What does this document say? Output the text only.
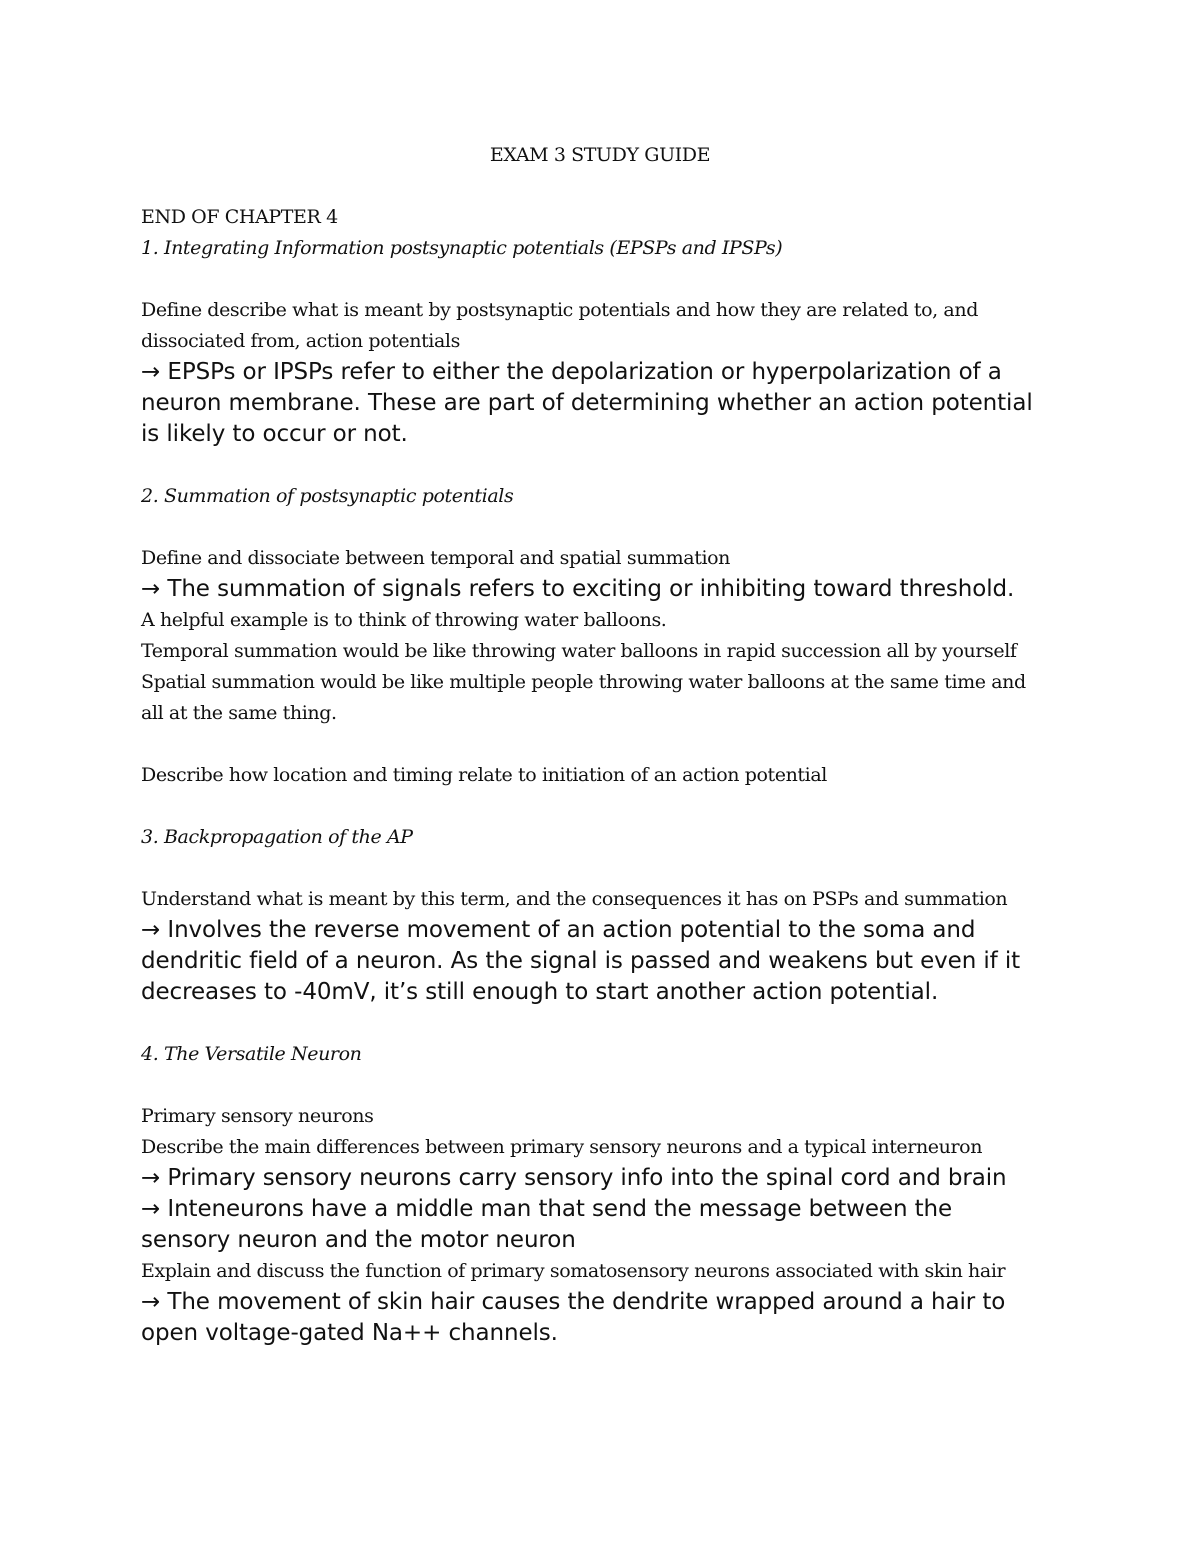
EXAM 3 STUDY GUIDE
END OF CHAPTER 4
1. Integrating Information postsynaptic potentials (EPSPs and IPSPs)
Define describe what is meant by postsynaptic potentials and how they are related to, and dissociated from, action potentials
→ EPSPs or IPSPs refer to either the depolarization or hyperpolarization of a neuron membrane. These are part of determining whether an action potential is likely to occur or not.
2. Summation of postsynaptic potentials
Define and dissociate between temporal and spatial summation
→ The summation of signals refers to exciting or inhibiting toward threshold.
A helpful example is to think of throwing water balloons.
Temporal summation would be like throwing water balloons in rapid succession all by yourself
Spatial summation would be like multiple people throwing water balloons at the same time and all at the same thing.
Describe how location and timing relate to initiation of an action potential
3. Backpropagation of the AP
Understand what is meant by this term, and the consequences it has on PSPs and summation
→ Involves the reverse movement of an action potential to the soma and dendritic field of a neuron. As the signal is passed and weakens but even if it decreases to -40mV, it’s still enough to start another action potential.
4. The Versatile Neuron
Primary sensory neurons
Describe the main differences between primary sensory neurons and a typical interneuron
→ Primary sensory neurons carry sensory info into the spinal cord and brain
→ Inteneurons have a middle man that send the message between the sensory neuron and the motor neuron
Explain and discuss the function of primary somatosensory neurons associated with skin hair
→ The movement of skin hair causes the dendrite wrapped around a hair to open voltage-gated Na++ channels.
